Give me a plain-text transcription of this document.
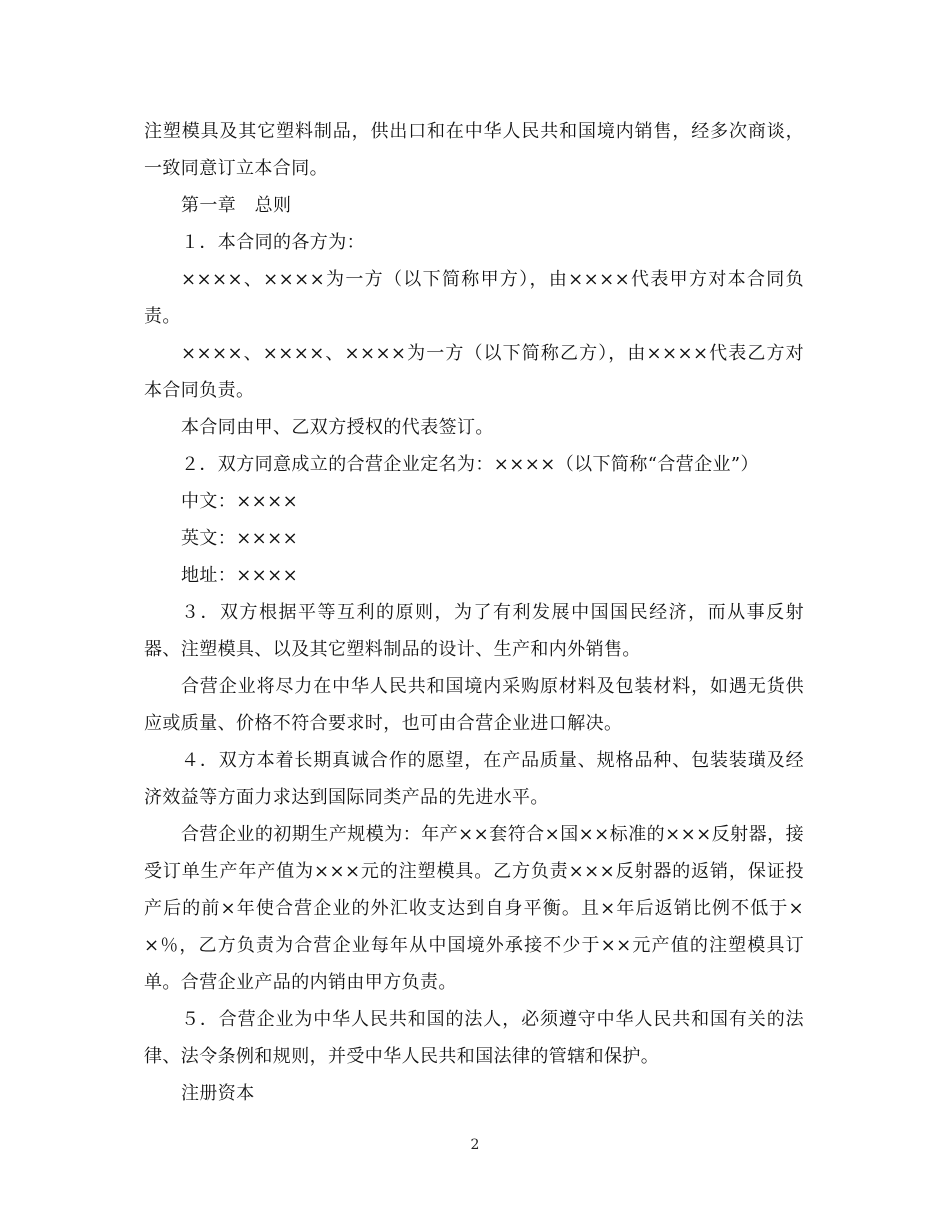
注塑模具及其它塑料制品，供出口和在中华人民共和国境内销售，经多次商谈，一致同意订立本合同。

第一章　总则

１．本合同的各方为：

××××、××××为一方（以下简称甲方），由××××代表甲方对本合同负责。

××××、××××、××××为一方（以下简称乙方），由××××代表乙方对本合同负责。

本合同由甲、乙双方授权的代表签订。

２．双方同意成立的合营企业定名为：××××（以下简称“合营企业”）

中文：××××

英文：××××

地址：××××

３．双方根据平等互利的原则，为了有利发展中国国民经济，而从事反射器、注塑模具、以及其它塑料制品的设计、生产和内外销售。

合营企业将尽力在中华人民共和国境内采购原材料及包装材料，如遇无货供应或质量、价格不符合要求时，也可由合营企业进口解决。

４．双方本着长期真诚合作的愿望，在产品质量、规格品种、包装装璜及经济效益等方面力求达到国际同类产品的先进水平。

合营企业的初期生产规模为：年产××套符合×国××标准的×××反射器，接受订单生产年产值为×××元的注塑模具。乙方负责×××反射器的返销，保证投产后的前×年使合营企业的外汇收支达到自身平衡。且×年后返销比例不低于××％，乙方负责为合营企业每年从中国境外承接不少于××元产值的注塑模具订单。合营企业产品的内销由甲方负责。

５．合营企业为中华人民共和国的法人，必须遵守中华人民共和国有关的法律、法令条例和规则，并受中华人民共和国法律的管辖和保护。

注册资本

2
